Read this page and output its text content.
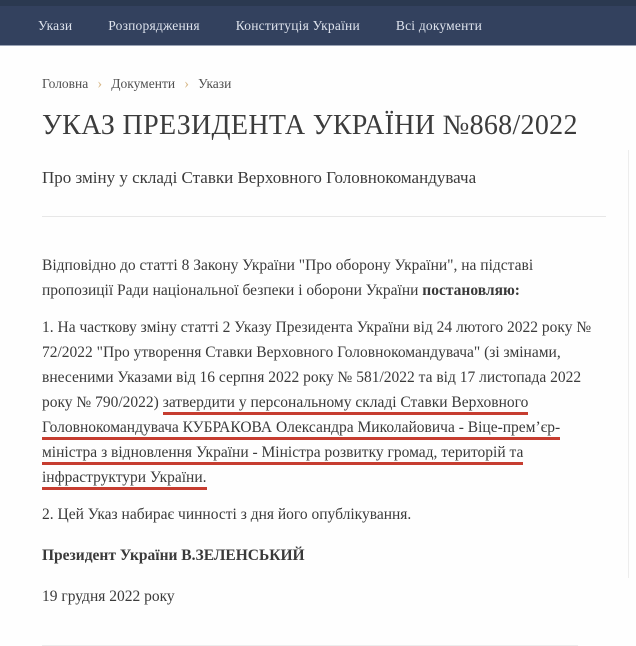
Укази	Розпорядження	Конституція України	Всі документи
Головна › Документи › Укази
УКАЗ ПРЕЗИДЕНТА УКРАЇНИ №868/2022
Про зміну у складі Ставки Верховного Головнокомандувача

Відповідно до статті 8 Закону України "Про оборону України", на підставі пропозиції Ради національної безпеки і оборони України постановляю:

1. На часткову зміну статті 2 Указу Президента України від 24 лютого 2022 року № 72/2022 "Про утворення Ставки Верховного Головнокомандувача" (зі змінами, внесеними Указами від 16 серпня 2022 року № 581/2022 та від 17 листопада 2022 року № 790/2022) затвердити у персональному складі Ставки Верховного Головнокомандувача КУБРАКОВА Олександра Миколайовича - Віце-прем’єр-міністра з відновлення України - Міністра розвитку громад, територій та інфраструктури України.

2. Цей Указ набирає чинності з дня його опублікування.

Президент України В.ЗЕЛЕНСЬКИЙ

19 грудня 2022 року
